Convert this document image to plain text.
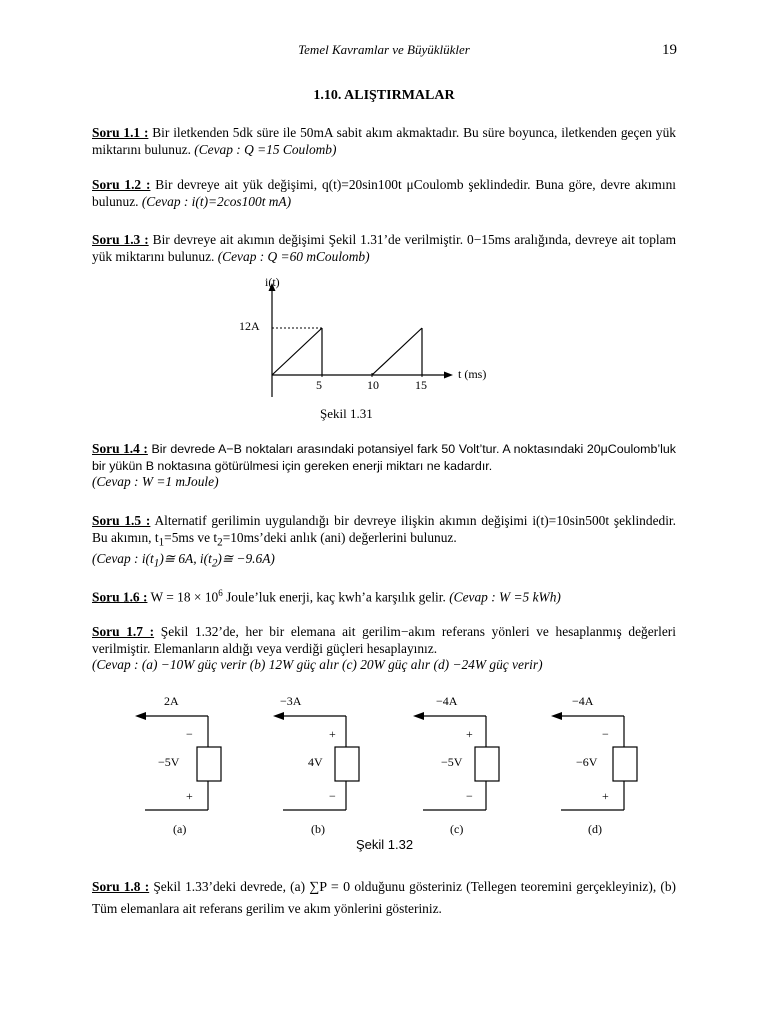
Temel Kavramlar ve Büyüklükler	19
1.10. ALIŞTIRMALAR
Soru 1.1 : Bir iletkenden 5dk süre ile 50mA sabit akım akmaktadır. Bu süre boyunca, iletkenden geçen yük miktarını bulunuz. (Cevap : Q =15 Coulomb)
Soru 1.2 : Bir devreye ait yük değişimi, q(t)=20sin100t μCoulomb şeklindedir. Buna göre, devre akımını bulunuz. (Cevap : i(t)=2cos100t mA)
Soru 1.3 : Bir devreye ait akımın değişimi Şekil 1.31’de verilmiştir. 0−15ms aralığında, devreye ait toplam yük miktarını bulunuz. (Cevap : Q =60 mCoulomb)
i(t)
t (ms)
12A
5	10	15
Şekil 1.31
Soru 1.4 : Bir devrede A−B noktaları arasındaki potansiyel fark 50 Volt’tur. A noktasındaki 20μCoulomb’luk bir yükün B noktasına götürülmesi için gereken enerji miktarı ne kadardır.
(Cevap : W =1 mJoule)
Soru 1.5 : Alternatif gerilimin uygulandığı bir devreye ilişkin akımın değişimi i(t)=10sin500t şeklindedir. Bu akımın, $t_1=5ms$ ve $t_2=10ms’deki$ anlık (ani) değerlerini bulunuz.
(Cevap : $i(t_1)≅$ 6A, $i(t_2)≅ -9.6A$)
Soru 1.6 : $W = 18 \times 10^6$ Joule’luk enerji, kaç kwh’a karşılık gelir. (Cevap : W =5 kWh)
Soru 1.7 : Şekil 1.32’de, her bir elemana ait gerilim−akım referans yönleri ve hesaplanmış değerleri verilmiştir. Elemanların aldığı veya verdiği güçleri hesaplayınız.
(Cevap : (a) −10W güç verir (b) 12W güç alır (c) 20W güç alır (d) −24W güç verir)
2A
−
−5V
+
(a)
−3A
+
4V
−
(b)
−4A
+
−5V
−
(c)
−4A
−
−6V
+
(d)
Şekil 1.32
Soru 1.8 : Şekil 1.33’deki devrede, (a) ∑P = 0 olduğunu gösteriniz (Tellegen teoremini gerçekleyiniz), (b) Tüm elemanlara ait referans gerilim ve akım yönlerini gösteriniz.
